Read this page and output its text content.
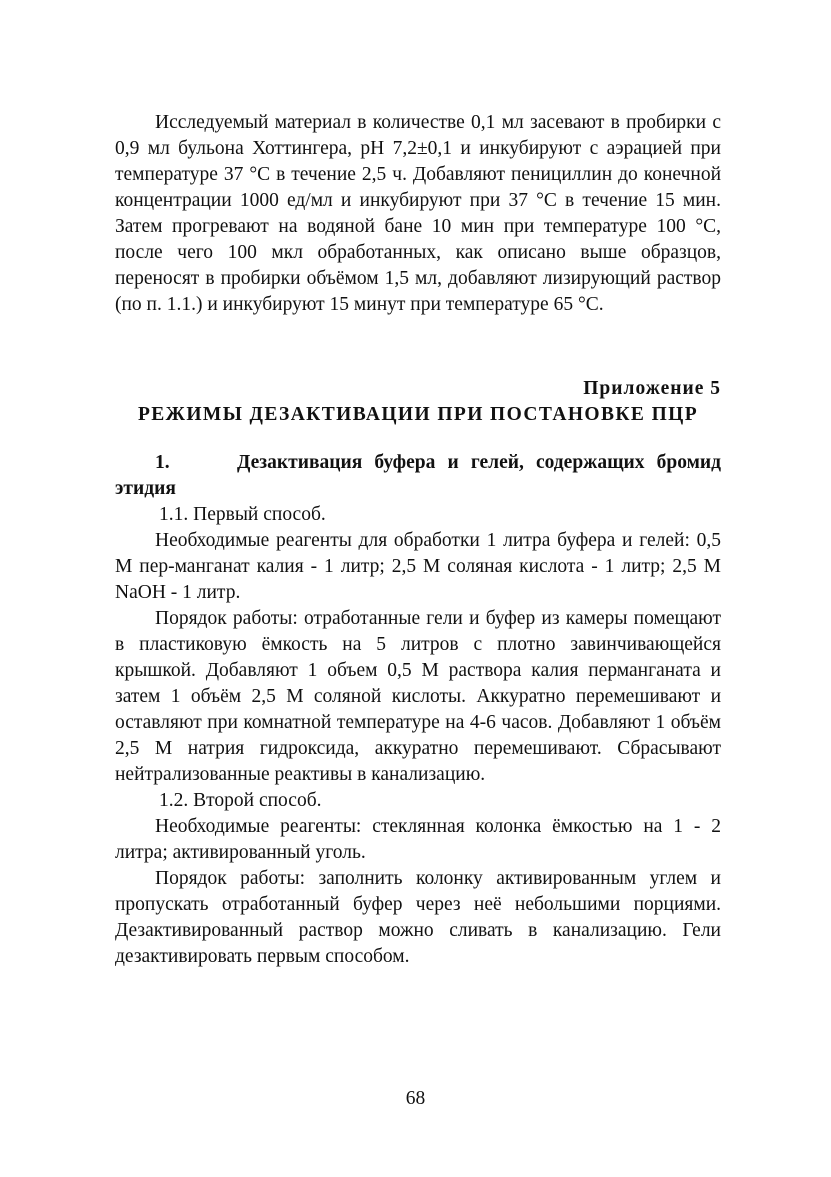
Исследуемый материал в количестве 0,1 мл засевают в пробирки с 0,9 мл бульона Хоттингера, рН 7,2±0,1 и инкубируют с аэрацией при температуре 37 °С в течение 2,5 ч. Добавляют пенициллин до конечной концентрации 1000 ед/мл и инкубируют при 37 °С в течение 15 мин. Затем прогревают на водяной бане 10 мин при температуре 100 °С, после чего 100 мкл обработанных, как описано выше образцов, переносят в пробирки объёмом 1,5 мл, добавляют лизирующий раствор (по п. 1.1.) и инкубируют 15 минут при температуре 65 °С.

Приложение 5

РЕЖИМЫ ДЕЗАКТИВАЦИИ ПРИ ПОСТАНОВКЕ ПЦР

1.	Дезактивация буфера и гелей, содержащих бромид этидия

1.1. Первый способ.

Необходимые реагенты для обработки 1 литра буфера и гелей: 0,5 М пер-манганат калия - 1 литр; 2,5 М соляная кислота - 1 литр; 2,5 М NaOH - 1 литр.

Порядок работы: отработанные гели и буфер из камеры помещают в пластиковую ёмкость на 5 литров с плотно завинчивающейся крышкой. Добавляют 1 объем 0,5 М раствора калия перманганата и затем 1 объём 2,5 М соляной кислоты. Аккуратно перемешивают и оставляют при комнатной температуре на 4-6 часов. Добавляют 1 объём 2,5 М натрия гидроксида, аккуратно перемешивают. Сбрасывают нейтрализованные реактивы в канализацию.

1.2. Второй способ.

Необходимые реагенты: стеклянная колонка ёмкостью на 1 - 2 литра; активированный уголь.

Порядок работы: заполнить колонку активированным углем и пропускать отработанный буфер через неё небольшими порциями. Дезактивированный раствор можно сливать в канализацию. Гели дезактивировать первым способом.

68
